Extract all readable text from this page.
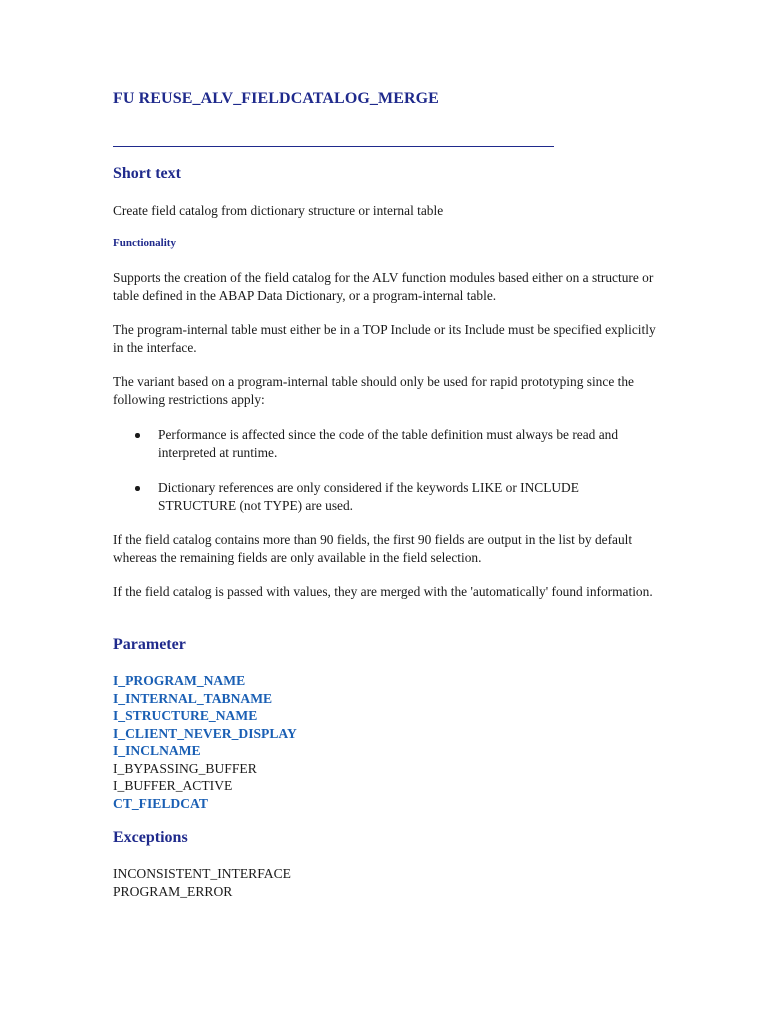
FU REUSE_ALV_FIELDCATALOG_MERGE
Short text

Create field catalog from dictionary structure or internal table

Functionality

Supports the creation of the field catalog for the ALV function modules based either on a structure or table defined in the ABAP Data Dictionary, or a program-internal table.

The program-internal table must either be in a TOP Include or its Include must be specified explicitly in the interface.

The variant based on a program-internal table should only be used for rapid prototyping since the following restrictions apply:

Performance is affected since the code of the table definition must always be read and interpreted at runtime.
Dictionary references are only considered if the keywords LIKE or INCLUDE STRUCTURE (not TYPE) are used.

If the field catalog contains more than 90 fields, the first 90 fields are output in the list by default whereas the remaining fields are only available in the field selection.

If the field catalog is passed with values, they are merged with the 'automatically' found information.

Parameter
I_PROGRAM_NAME
I_INTERNAL_TABNAME
I_STRUCTURE_NAME
I_CLIENT_NEVER_DISPLAY
I_INCLNAME
I_BYPASSING_BUFFER
I_BUFFER_ACTIVE
CT_FIELDCAT
Exceptions
INCONSISTENT_INTERFACE
PROGRAM_ERROR
